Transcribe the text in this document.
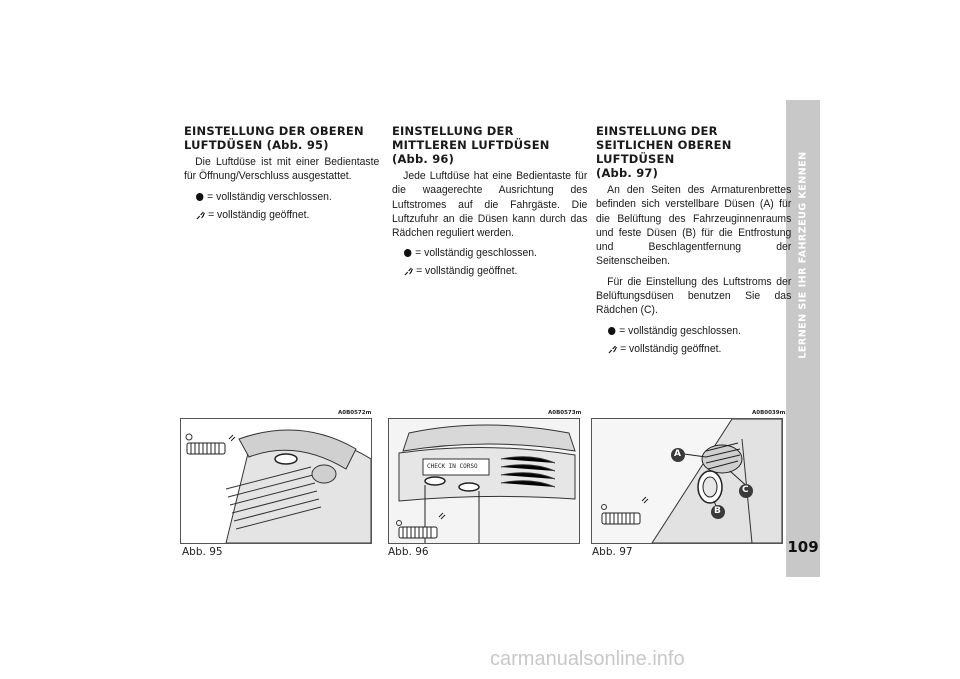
LERNEN SIE IHR FAHRZEUG KENNEN
109
EINSTELLUNG DER OBEREN LUFTDÜSEN (Abb. 95)

Die Luftdüse ist mit einer Bedientaste für Öffnung/Verschluss ausgestattet.

= vollständig verschlossen.
= vollständig geöffnet.
EINSTELLUNG DER MITTLEREN LUFTDÜSEN (Abb. 96)

Jede Luftdüse hat eine Bedientaste für die waagerechte Ausrichtung des Luftstromes auf die Fahrgäste. Die Luftzufuhr an die Düsen kann durch das Rädchen reguliert werden.

= vollständig geschlossen.
= vollständig geöffnet.
EINSTELLUNG DER SEITLICHEN OBEREN LUFTDÜSEN
(Abb. 97)

An den Seiten des Armaturenbrettes befinden sich verstellbare Düsen (A) für die Belüftung des Fahrzeuginnenraums und feste Düsen (B) für die Entfrostung und Beschlagentfernung der Seitenscheiben.

Für die Einstellung des Luftstroms der Belüftungsdüsen benutzen Sie das Rädchen (C).

= vollständig geschlossen.
= vollständig geöffnet.
A0B0572m
Abb. 95
A0B0573m
CHECK IN CORSO
Abb. 96
A0B0039m
A
B
C
Abb. 97
carmanualsonline.info
